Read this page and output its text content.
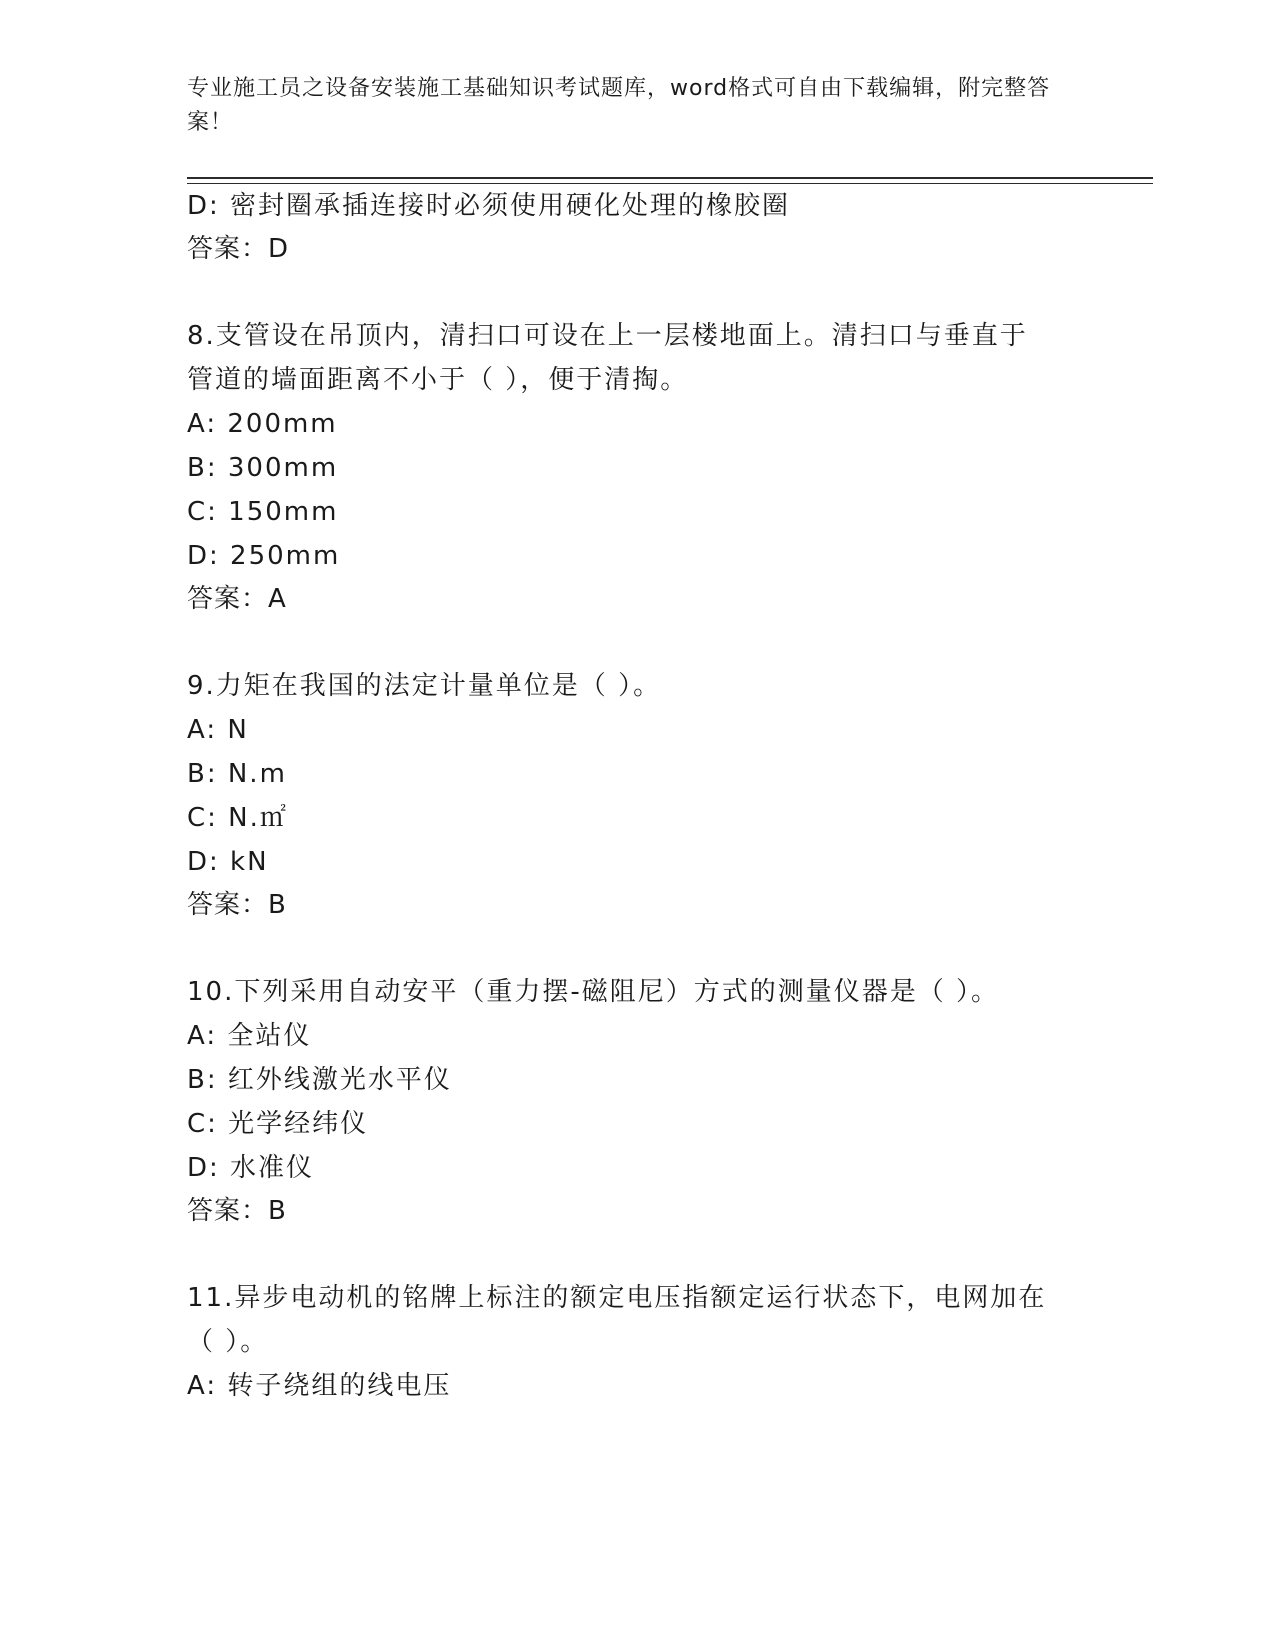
专业施工员之设备安装施工基础知识考试题库，word格式可自由下载编辑，附完整答案！
D: 密封圈承插连接时必须使用硬化处理的橡胶圈
答案：D
8.支管设在吊顶内，清扫口可设在上一层楼地面上。清扫口与垂直于
管道的墙面距离不小于（ ），便于清掏。
A: 200mm
B: 300mm
C: 150mm
D: 250mm
答案：A
9.力矩在我国的法定计量单位是（ ）。
A: N
B: N.m
C: N.㎡
D: kN
答案：B
10.下列采用自动安平（重力摆-磁阻尼）方式的测量仪器是（ ）。
A: 全站仪
B: 红外线激光水平仪
C: 光学经纬仪
D: 水准仪
答案：B
11.异步电动机的铭牌上标注的额定电压指额定运行状态下，电网加在
（ ）。
A: 转子绕组的线电压
